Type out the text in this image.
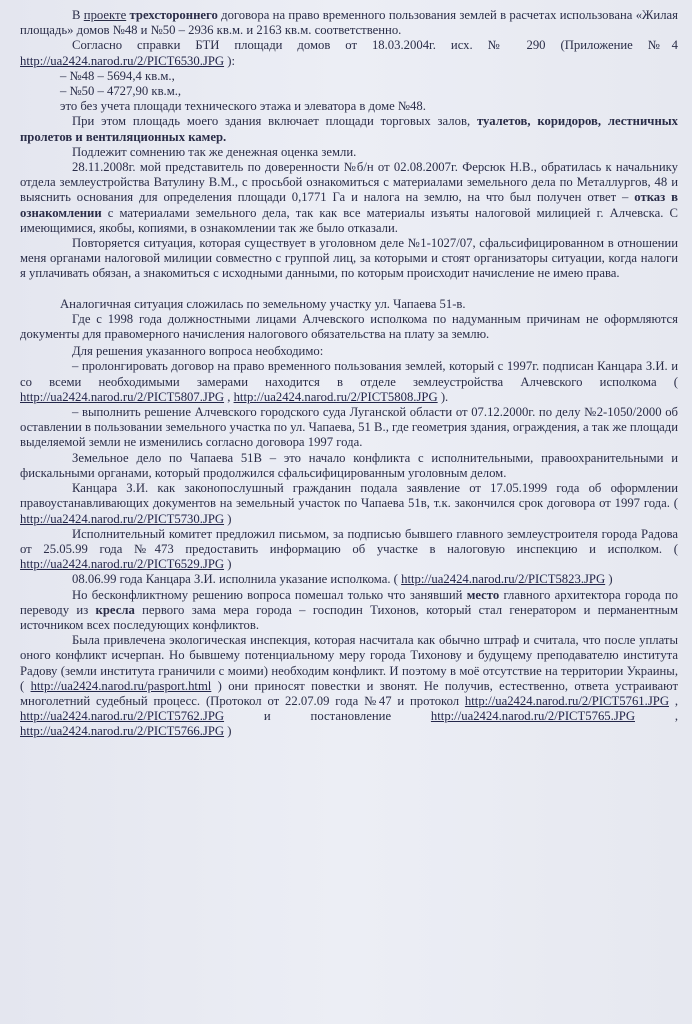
В проекте трехстороннего договора на право временного пользования землей в расчетах использована «Жилая площадь» домов №48 и №50 – 2936 кв.м. и 2163 кв.м. соответственно.

Согласно справки БТИ площади домов от 18.03.2004г. исх. № 290 (Приложение №4 http://ua2424.narod.ru/2/PICT6530.JPG ):

– №48 – 5694,4 кв.м.,

– №50 – 4727,90 кв.м.,

это без учета площади технического этажа и элеватора в доме №48.

При этом площадь моего здания включает площади торговых залов, туалетов, коридоров, лестничных пролетов и вентиляционных камер.

Подлежит сомнению так же денежная оценка земли.

28.11.2008г. мой представитель по доверенности №б/н от 02.08.2007г. Ферсюк Н.В., обратилась к начальнику отдела землеустройства Ватулину В.М., с просьбой ознакомиться с материалами земельного дела по Металлургов, 48 и выяснить основания для определения площади 0,1771 Га и налога на землю, на что был получен ответ – отказ в ознакомлении с материалами земельного дела, так как все материалы изъяты налоговой милицией г. Алчевска. С имеющимися, якобы, копиями, в ознакомлении так же было отказали.

Повторяется ситуация, которая существует в уголовном деле №1-1027/07, сфальсифицированном в отношении меня органами налоговой милиции совместно с группой лиц, за которыми и стоят организаторы ситуации, когда налоги я уплачивать обязан, а знакомиться с исходными данными, по которым происходит начисление не имею права.

Аналогичная ситуация сложилась по земельному участку ул. Чапаева 51-в.

Где с 1998 года должностными лицами Алчевского исполкома по надуманным причинам не оформляются документы для правомерного начисления налогового обязательства на плату за землю.

Для решения указанного вопроса необходимо:

– пролонгировать договор на право временного пользования землей, который с 1997г. подписан Канцара З.И. и со всеми необходимыми замерами находится в отделе землеустройства Алчевского исполкома ( http://ua2424.narod.ru/2/PICT5807.JPG , http://ua2424.narod.ru/2/PICT5808.JPG ).

– выполнить решение Алчевского городского суда Луганской области от 07.12.2000г. по делу №2-1050/2000 об оставлении в пользовании земельного участка по ул. Чапаева, 51 В., где геометрия здания, ограждения, а так же площади выделяемой земли не изменились согласно договора 1997 года.

Земельное дело по Чапаева 51В – это начало конфликта с исполнительными, правоохранительными и фискальными органами, который продолжился сфальсифицированным уголовным делом.

Канцара З.И. как законопослушный гражданин подала заявление от 17.05.1999 года об оформлении правоустанавливающих документов на земельный участок по Чапаева 51в, т.к. закончился срок договора от 1997 года. ( http://ua2424.narod.ru/2/PICT5730.JPG )

Исполнительный комитет предложил письмом, за подписью бывшего главного землеустроителя города Радова от 25.05.99 года №473 предоставить информацию об участке в налоговую инспекцию и исполком. ( http://ua2424.narod.ru/2/PICT6529.JPG )

08.06.99 года Канцара З.И. исполнила указание исполкома. ( http://ua2424.narod.ru/2/PICT5823.JPG )

Но бесконфликтному решению вопроса помешал только что занявший место главного архитектора города по переводу из кресла первого зама мера города – господин Тихонов, который стал генератором и перманентным источником всех последующих конфликтов.

Была привлечена экологическая инспекция, которая насчитала как обычно штраф и считала, что после уплаты оного конфликт исчерпан. Но бывшему потенциальному меру города Тихонову и будущему преподавателю института Радову (земли института граничили с моими) необходим конфликт. И поэтому в моё отсутствие на территории Украины,( http://ua2424.narod.ru/pasport.html ) они приносят повестки и звонят. Не получив, естественно, ответа устраивают многолетний судебный процесс. (Протокол от 22.07.09 года №47 и протокол http://ua2424.narod.ru/2/PICT5761.JPG , http://ua2424.narod.ru/2/PICT5762.JPG и постановление http://ua2424.narod.ru/2/PICT5765.JPG , http://ua2424.narod.ru/2/PICT5766.JPG )
